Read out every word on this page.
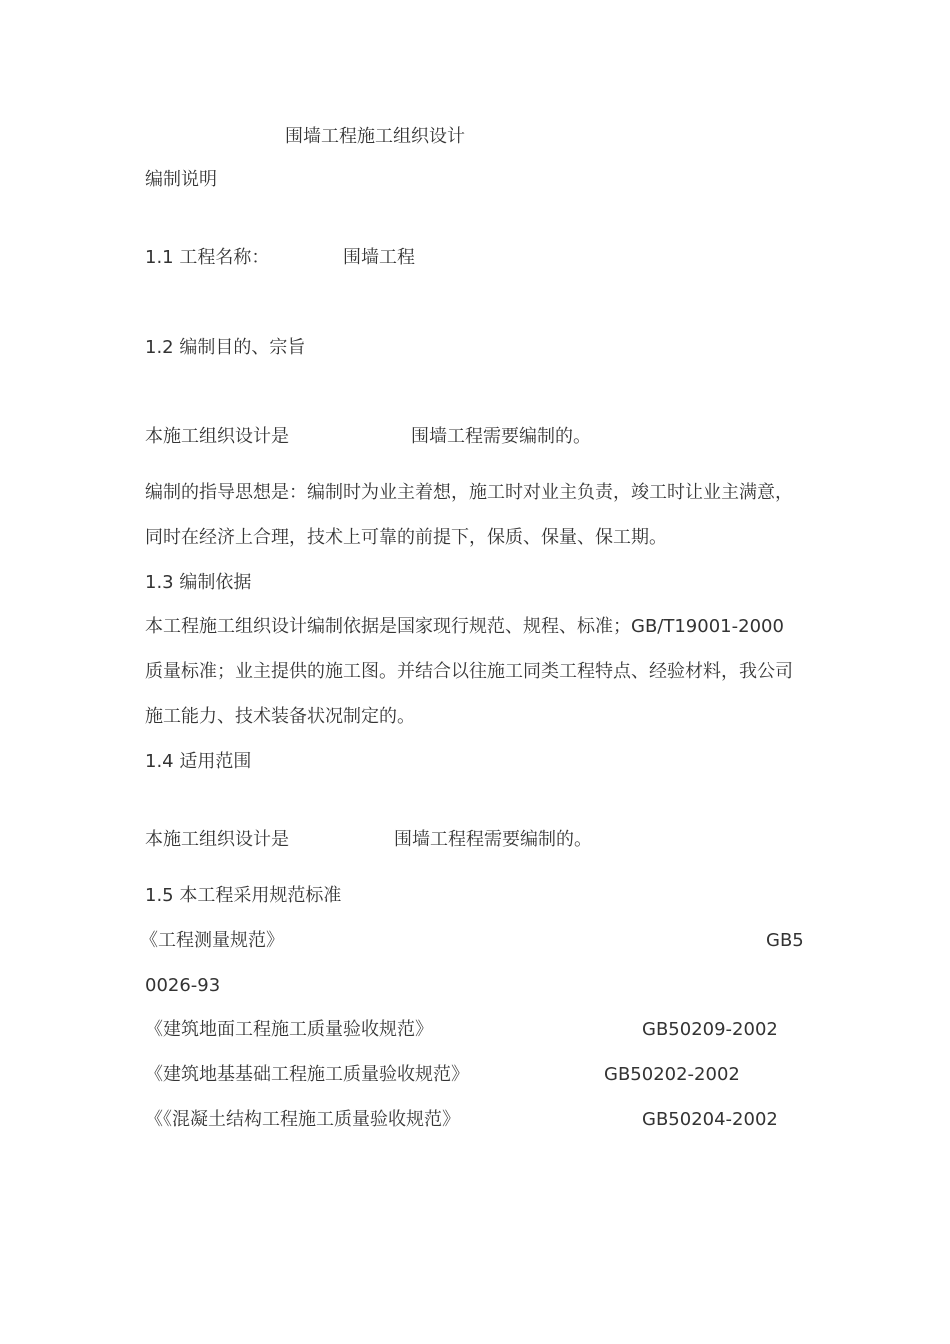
围墙工程施工组织设计
编制说明
1.1 工程名称：	围墙工程
1.2 编制目的、宗旨
本施工组织设计是	围墙工程需要编制的。
编制的指导思想是：编制时为业主着想，施工时对业主负责，竣工时让业主满意，
同时在经济上合理，技术上可靠的前提下，保质、保量、保工期。
1.3 编制依据
本工程施工组织设计编制依据是国家现行规范、规程、标准；GB/T19001-2000
质量标准；业主提供的施工图。并结合以往施工同类工程特点、经验材料，我公司
施工能力、技术装备状况制定的。
1.4 适用范围
本施工组织设计是	围墙工程程需要编制的。
1.5 本工程采用规范标准
《工程测量规范》	GB5
0026-93
《建筑地面工程施工质量验收规范》	GB50209-2002
《建筑地基基础工程施工质量验收规范》	GB50202-2002
《《混凝土结构工程施工质量验收规范》	GB50204-2002
